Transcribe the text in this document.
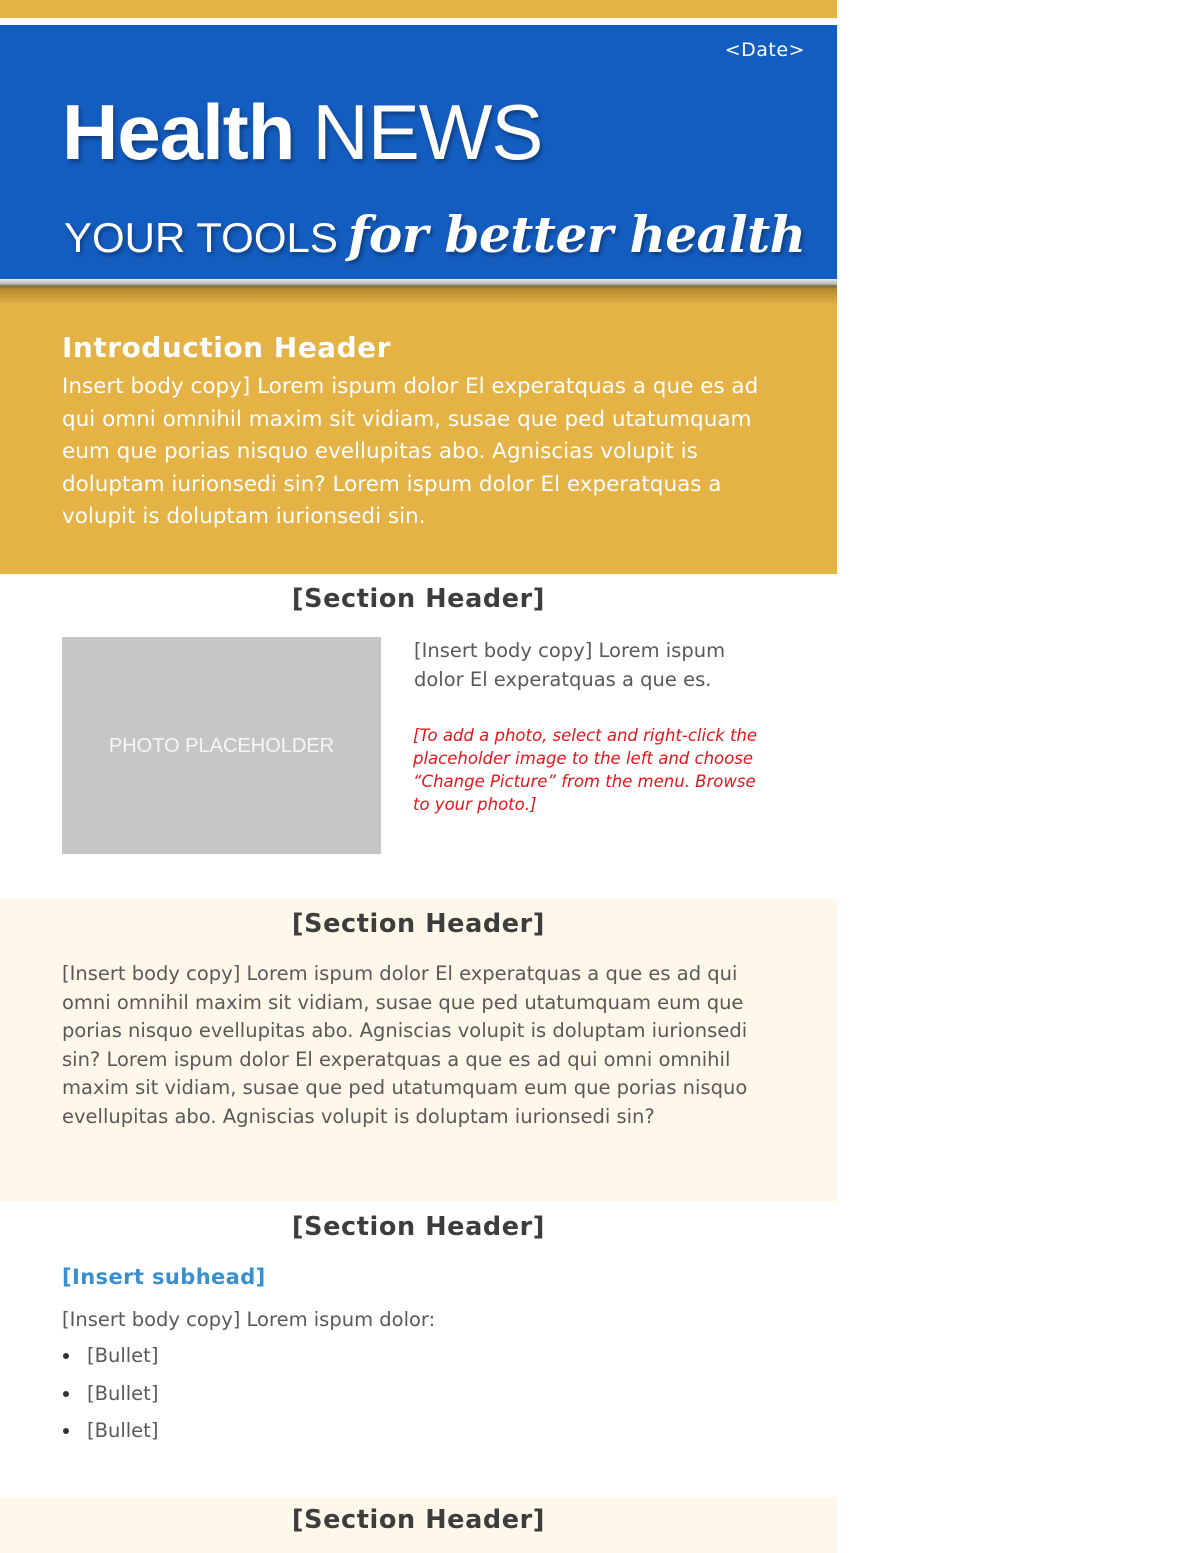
<Date>
Health NEWS
YOUR TOOLS for better health
Introduction Header
Insert body copy] Lorem ispum dolor El experatquas a que es ad qui omni omnihil maxim sit vidiam, susae que ped utatumquam eum que porias nisquo evellupitas abo. Agniscias volupit is doluptam iurionsedi sin? Lorem ispum dolor El experatquas a volupit is doluptam iurionsedi sin.
[Section Header]
PHOTO PLACEHOLDER
[Insert body copy] Lorem ispum dolor El experatquas a que es.
[To add a photo, select and right-click the placeholder image to the left and choose “Change Picture” from the menu. Browse to your photo.]
[Section Header]
[Insert body copy] Lorem ispum dolor El experatquas a que es ad qui omni omnihil maxim sit vidiam, susae que ped utatumquam eum que porias nisquo evellupitas abo. Agniscias volupit is doluptam iurionsedi sin? Lorem ispum dolor El experatquas a que es ad qui omni omnihil maxim sit vidiam, susae que ped utatumquam eum que porias nisquo evellupitas abo. Agniscias volupit is doluptam iurionsedi sin?
[Section Header]
[Insert subhead]
[Insert body copy] Lorem ispum dolor:
[Bullet]
[Bullet]
[Bullet]
[Section Header]
